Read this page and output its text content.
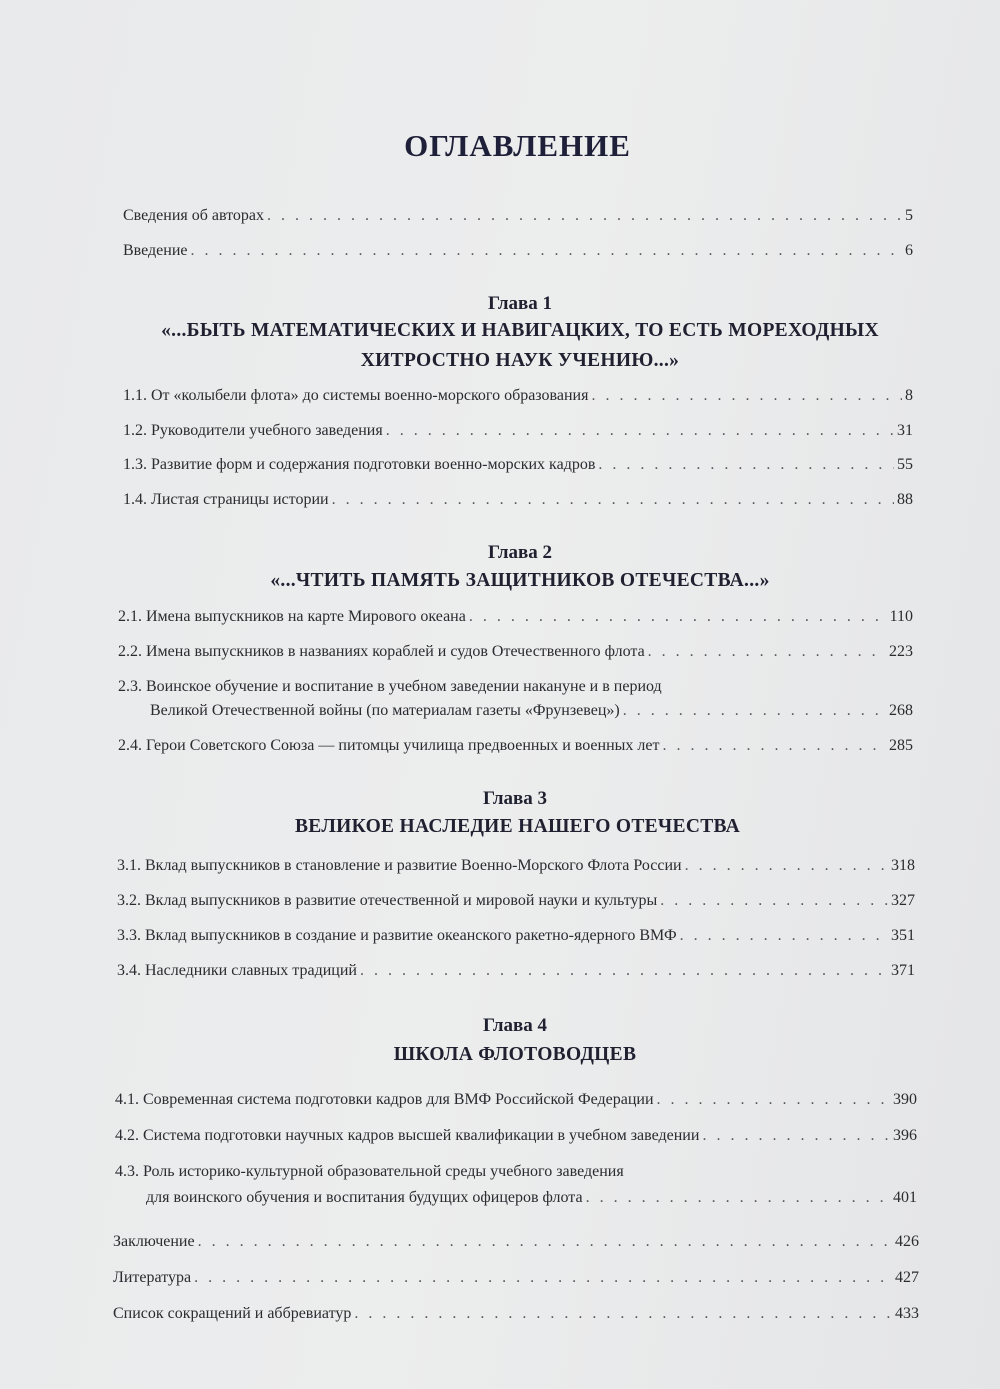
ОГЛАВЛЕНИЕ
Сведения об авторах . . .	5
Введение . . .	6
Глава 1
«...БЫТЬ МАТЕМАТИЧЕСКИХ И НАВИГАЦКИХ, ТО ЕСТЬ МОРЕХОДНЫХ
ХИТРОСТНО НАУК УЧЕНИЮ...»
1.1. От «колыбели флота» до системы военно-морского образования . . .	8
1.2. Руководители учебного заведения . . .	31
1.3. Развитие форм и содержания подготовки военно-морских кадров . . .	55
1.4. Листая страницы истории . . .	88
Глава 2
«...ЧТИТЬ ПАМЯТЬ ЗАЩИТНИКОВ ОТЕЧЕСТВА...»
2.1. Имена выпускников на карте Мирового океана . . .	110
2.2. Имена выпускников в названиях кораблей и судов Отечественного флота . . .	223
2.3. Воинское обучение и воспитание в учебном заведении накануне и в период
Великой Отечественной войны (по материалам газеты «Фрунзевец») . . .	268
2.4. Герои Советского Союза — питомцы училища предвоенных и военных лет . . .	285
Глава 3
ВЕЛИКОЕ НАСЛЕДИЕ НАШЕГО ОТЕЧЕСТВА
3.1. Вклад выпускников в становление и развитие Военно-Морского Флота России . . .	318
3.2. Вклад выпускников в развитие отечественной и мировой науки и культуры . . .	327
3.3. Вклад выпускников в создание и развитие океанского ракетно-ядерного ВМФ . . .	351
3.4. Наследники славных традиций . . .	371
Глава 4
ШКОЛА ФЛОТОВОДЦЕВ
4.1. Современная система подготовки кадров для ВМФ Российской Федерации . . .	390
4.2. Система подготовки научных кадров высшей квалификации в учебном заведении . . .	396
4.3. Роль историко-культурной образовательной среды учебного заведения
для воинского обучения и воспитания будущих офицеров флота . . .	401
Заключение . . .	426
Литература . . .	427
Список сокращений и аббревиатур . . .	433
